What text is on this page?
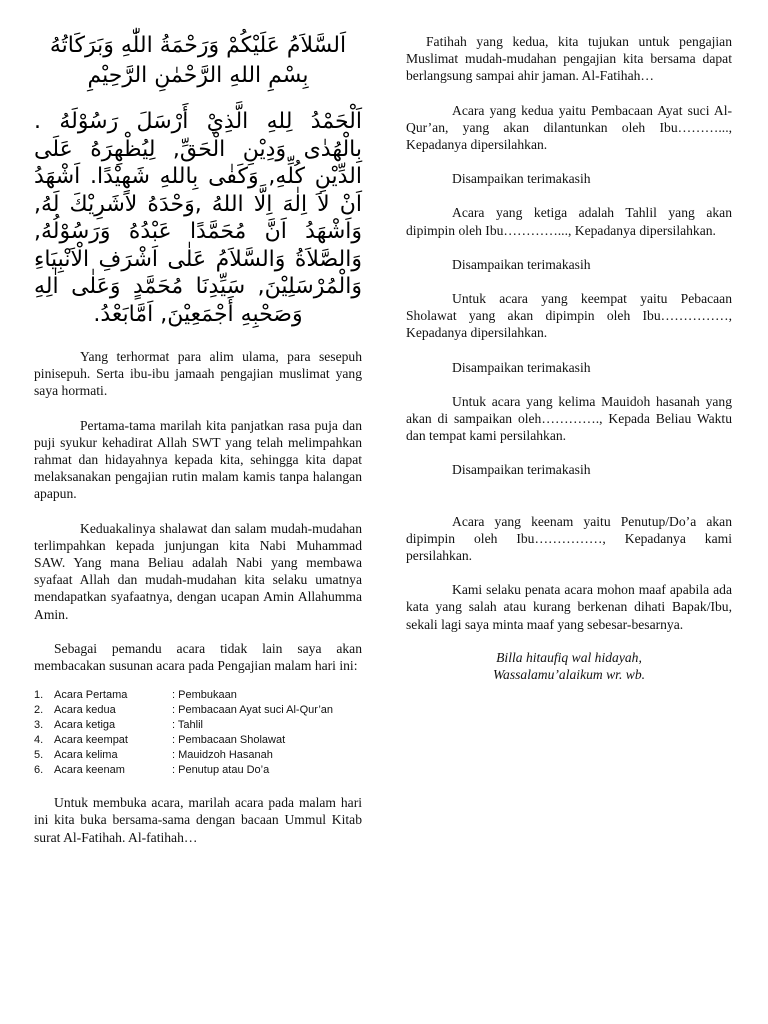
اَلسَّلاَمُ عَلَيْكُمْ وَرَحْمَةُ اللّٰهِ وَبَرَكَاتُهُ
بِسْمِ اللهِ الرَّحْمٰنِ الرَّحِيْمِ
اَلْحَمْدُ لِلهِ الَّذِيْ أَرْسَلَ رَسُوْلَهُ . بِالْهُدٰى وَدِيْنِ الْحَقِّ, لِيُظْهِرَهُ عَلَى الدِّيْنِ كُلِّهِ, وَكَفٰى بِاللهِ شَهِيْدًا. اَشْهَدُ اَنْ لاَ اِلٰهَ اِلَّا اللهُ ,وَحْدَهُ لاَشَرِيْكَ لَهُ, وَاَشْهَدُ اَنَّ مُحَمَّدًا عَبْدُهُ وَرَسُوْلُهُ, وَالصَّلاَةُ وَالسَّلاَمُ عَلٰى اَشْرَفِ الْاَنْبِيَاءِ وَالْمُرْسَلِيْنَ, سَيِّدِنَا مُحَمَّدٍ وَعَلٰى اٰلِهِ وَصَحْبِهِ أَجْمَعِيْنَ, اَمَّابَعْدُ.

Yang terhormat para alim ulama, para sesepuh pinisepuh. Serta ibu-ibu jamaah pengajian muslimat yang saya hormati.

Pertama-tama marilah kita panjatkan rasa puja dan puji syukur kehadirat Allah SWT yang telah melimpahkan rahmat dan hidayahnya kepada kita, sehingga kita dapat melaksanakan pengajian rutin malam kamis tanpa halangan apapun.

Keduakalinya shalawat dan salam mudah-mudahan terlimpahkan kepada junjungan kita Nabi Muhammad SAW. Yang mana Beliau adalah Nabi yang membawa syafaat Allah dan mudah-mudahan kita selaku umatnya mendapatkan syafaatnya, dengan ucapan Amin Allahumma Amin.

Sebagai pemandu acara tidak lain saya akan membacakan susunan acara pada Pengajian malam hari ini:

1. Acara Pertama	: Pembukaan
2. Acara kedua	: Pembacaan Ayat suci Al-Qur’an
3. Acara ketiga	: Tahlil
4. Acara keempat	: Pembacaan Sholawat
5. Acara kelima	: Mauidzoh Hasanah
6. Acara keenam	: Penutup atau Do’a

Untuk membuka acara, marilah acara pada malam hari ini kita buka bersama-sama dengan bacaan Ummul Kitab surat Al-Fatihah. Al-fatihah…

Fatihah yang kedua, kita tujukan untuk pengajian Muslimat mudah-mudahan pengajian kita bersama dapat berlangsung sampai ahir jaman. Al-Fatihah…

Acara yang kedua yaitu Pembacaan Ayat suci Al-Qur’an, yang akan dilantunkan oleh Ibu………..., Kepadanya dipersilahkan.

Disampaikan terimakasih

Acara yang ketiga adalah Tahlil yang akan dipimpin oleh Ibu…………..., Kepadanya dipersilahkan.

Disampaikan terimakasih

Untuk acara yang keempat yaitu Pebacaan Sholawat yang akan dipimpin oleh Ibu……………, Kepadanya dipersilahkan.

Disampaikan terimakasih

Untuk acara yang kelima Mauidoh hasanah yang akan di sampaikan oleh…………., Kepada Beliau Waktu dan tempat kami persilahkan.

Disampaikan terimakasih

Acara yang keenam yaitu Penutup/Do’a akan dipimpin oleh Ibu……………, Kepadanya kami persilahkan.

Kami selaku penata acara mohon maaf apabila ada kata yang salah atau kurang berkenan dihati Bapak/Ibu, sekali lagi saya minta maaf yang sebesar-besarnya.

Billa hitaufiq wal hidayah,
Wassalamu’alaikum wr. wb.
